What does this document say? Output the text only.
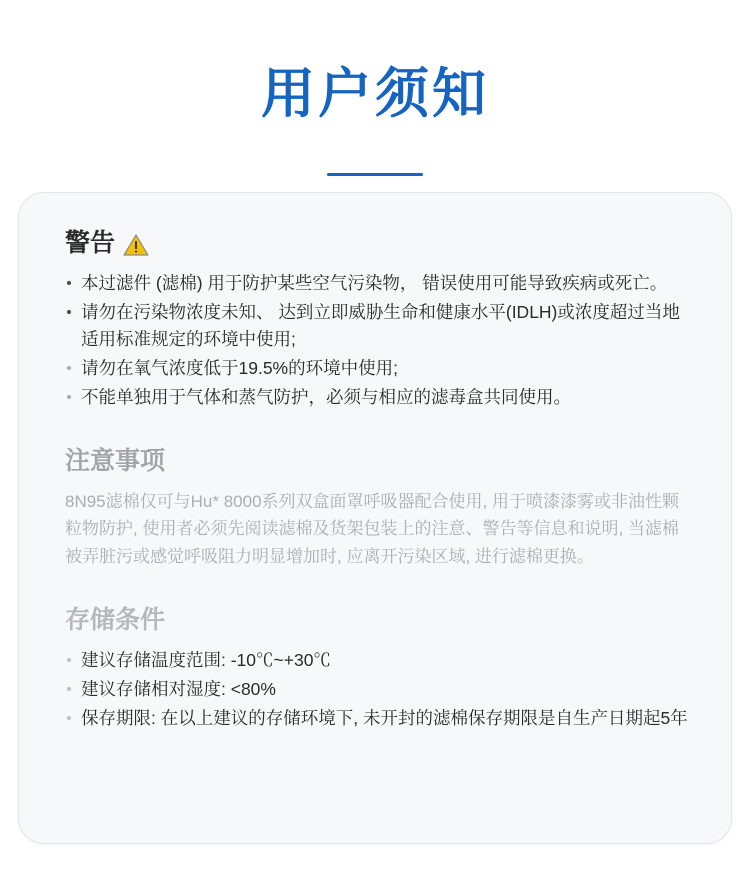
用户须知
警告
本过滤件 (滤棉) 用于防护某些空气污染物， 错误使用可能导致疾病或死亡。
请勿在污染物浓度未知、 达到立即威胁生命和健康水平(IDLH)或浓度超过当地适用标准规定的环境中使用;
请勿在氧气浓度低于19.5%的环境中使用;
不能单独用于气体和蒸气防护，必须与相应的滤毒盒共同使用。
注意事项

8N95滤棉仅可与Hu* 8000系列双盒面罩呼吸器配合使用, 用于喷漆漆雾或非油性颗粒物防护, 使用者必须先阅读滤棉及货架包装上的注意、警告等信息和说明, 当滤棉被弄脏污或感觉呼吸阻力明显增加时, 应离开污染区域, 进行滤棉更换。

存储条件
建议存储温度范围: -10℃~+30℃
建议存储相对湿度: <80%
保存期限: 在以上建议的存储环境下, 未开封的滤棉保存期限是自生产日期起5年
